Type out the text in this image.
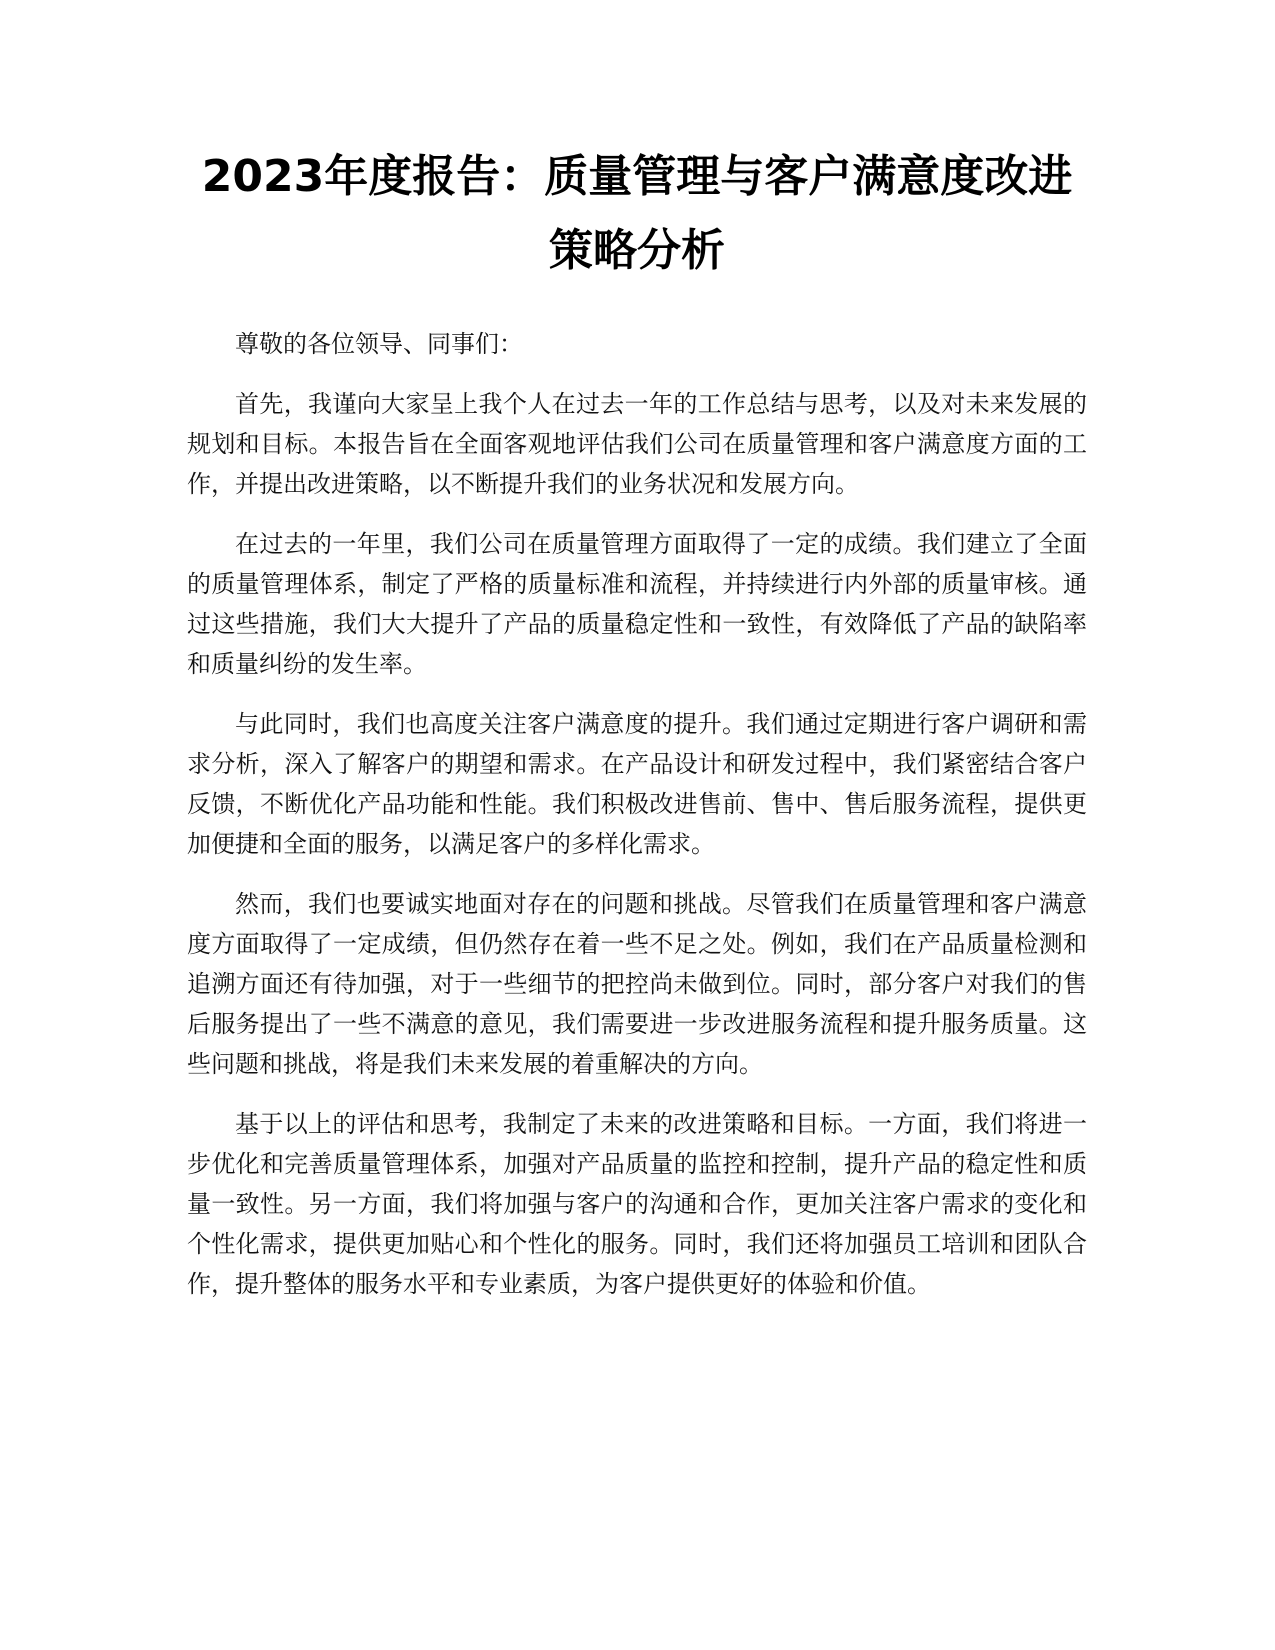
2023年度报告：质量管理与客户满意度改进策略分析

尊敬的各位领导、同事们：

首先，我谨向大家呈上我个人在过去一年的工作总结与思考，以及对未来发展的规划和目标。本报告旨在全面客观地评估我们公司在质量管理和客户满意度方面的工作，并提出改进策略，以不断提升我们的业务状况和发展方向。

在过去的一年里，我们公司在质量管理方面取得了一定的成绩。我们建立了全面的质量管理体系，制定了严格的质量标准和流程，并持续进行内外部的质量审核。通过这些措施，我们大大提升了产品的质量稳定性和一致性，有效降低了产品的缺陷率和质量纠纷的发生率。

与此同时，我们也高度关注客户满意度的提升。我们通过定期进行客户调研和需求分析，深入了解客户的期望和需求。在产品设计和研发过程中，我们紧密结合客户反馈，不断优化产品功能和性能。我们积极改进售前、售中、售后服务流程，提供更加便捷和全面的服务，以满足客户的多样化需求。

然而，我们也要诚实地面对存在的问题和挑战。尽管我们在质量管理和客户满意度方面取得了一定成绩，但仍然存在着一些不足之处。例如，我们在产品质量检测和追溯方面还有待加强，对于一些细节的把控尚未做到位。同时，部分客户对我们的售后服务提出了一些不满意的意见，我们需要进一步改进服务流程和提升服务质量。这些问题和挑战，将是我们未来发展的着重解决的方向。

基于以上的评估和思考，我制定了未来的改进策略和目标。一方面，我们将进一步优化和完善质量管理体系，加强对产品质量的监控和控制，提升产品的稳定性和质量一致性。另一方面，我们将加强与客户的沟通和合作，更加关注客户需求的变化和个性化需求，提供更加贴心和个性化的服务。同时，我们还将加强员工培训和团队合作，提升整体的服务水平和专业素质，为客户提供更好的体验和价值。
